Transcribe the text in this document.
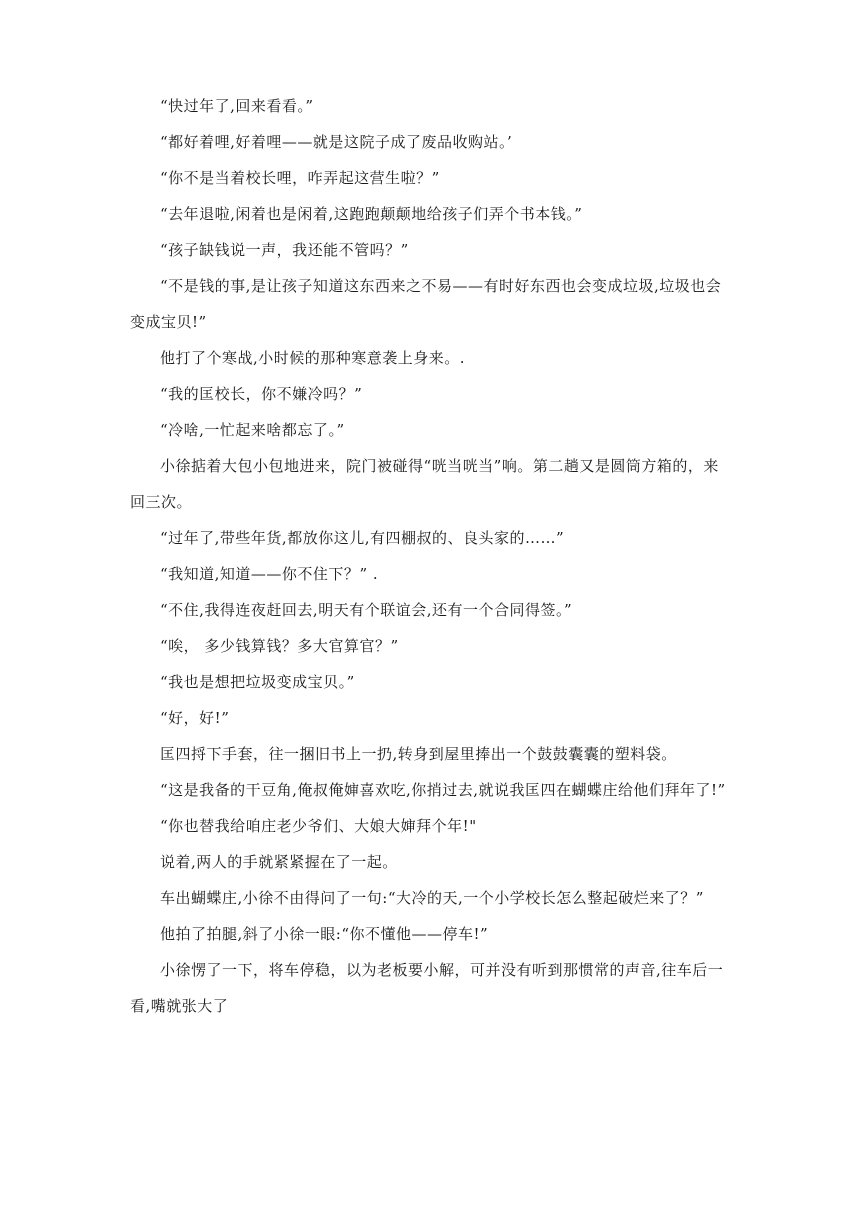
“快过年了,回来看看。”

“都好着哩,好着哩——就是这院子成了废品收购站。’

“你不是当着校长哩，咋弄起这营生啦？”

“去年退啦,闲着也是闲着,这跑跑颠颠地给孩子们弄个书本钱。”

“孩子缺钱说一声，我还能不管吗？”

“不是钱的事,是让孩子知道这东西来之不易——有时好东西也会变成垃圾,垃圾也会变成宝贝!”

他打了个寒战,小时候的那种寒意袭上身来。.

“我的匡校长，你不嫌冷吗？”

“冷啥,一忙起来啥都忘了。”

小徐掂着大包小包地进来，院门被碰得“咣当咣当”响。第二趟又是圆筒方箱的，来回三次。

“过年了,带些年货,都放你这儿,有四棚叔的、良头家的……”

“我知道,知道——你不住下？” .

“不住,我得连夜赶回去,明天有个联谊会,还有一个合同得签。”

“唉， 多少钱算钱？多大官算官？”

“我也是想把垃圾变成宝贝。”

“好，好!”

匡四捋下手套，往一捆旧书上一扔,转身到屋里捧出一个鼓鼓囊囊的塑料袋。

“这是我备的干豆角,俺叔俺婶喜欢吃,你捎过去,就说我匡四在蝴蝶庄给他们拜年了!”

“你也替我给咱庄老少爷们、大娘大婶拜个年!"

说着,两人的手就紧紧握在了一起。

车出蝴蝶庄,小徐不由得问了一句:“大冷的天,一个小学校长怎么整起破烂来了？”

他拍了拍腿,斜了小徐一眼:“你不懂他——停车!”

小徐愣了一下，将车停稳，以为老板要小解，可并没有听到那惯常的声音,往车后一看,嘴就张大了
